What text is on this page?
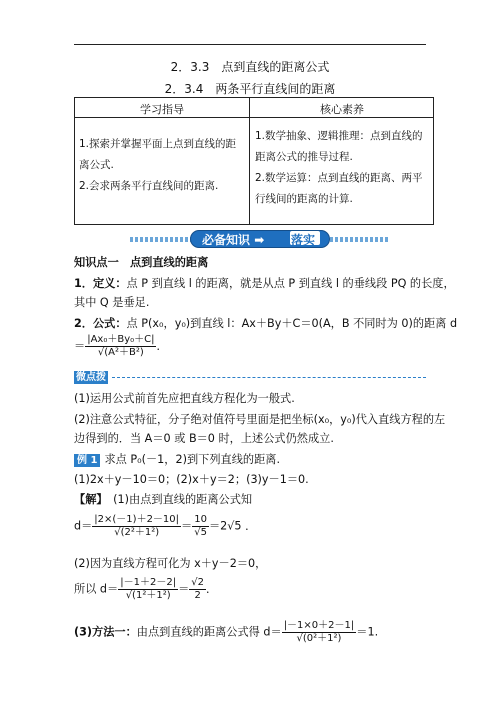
2．3.3　点到直线的距离公式
2．3.4　两条平行直线间的距离
学习指导	核心素养
1.探索并掌握平面上点到直线的距离公式.
2.会求两条平行直线间的距离.
1.数学抽象、逻辑推理：点到直线的距离公式的推导过程.
2.数学运算：点到直线的距离、两平行线间的距离的计算.
必备知识 ➡ 落实
知识点一　点到直线的距离
1．定义：点 P 到直线 l 的距离，就是从点 P 到直线 l 的垂线段 PQ 的长度，
其中 Q 是垂足.
2．公式：点 P(x₀，y₀)到直线 l：Ax＋By＋C＝0(A，B 不同时为 0)的距离 d
＝ $\frac{\text{|Ax₀＋By₀＋C|}}{\text{√(A²＋B²)}}$ ．
微点拨
(1)运用公式前首先应把直线方程化为一般式.
(2)注意公式特征，分子绝对值符号里面是把坐标(x₀，y₀)代入直线方程的左
边得到的．当 A＝0 或 B＝0 时，上述公式仍然成立.
例 1 求点 P₀(－1，2)到下列直线的距离.
(1)2x＋y－10＝0；(2)x＋y＝2；(3)y－1＝0.
【解】　 (1)由点到直线的距离公式知
$d= \frac{|2\times(-1)+2-10|}{\text{√(2²＋1²)}} = \frac{10}{√5} =2√5$ ．
(2)因为直线方程可化为 x＋y－2＝0，
所以 $d= \frac{|-1+2-2|}{\text{√(1²＋1²)}} = \frac{√2}{2}$ ．
(3)方法一：由点到直线的距离公式得 $d= \frac{|-1\times 0+2-1|}{\text{√(0²＋1²)}} =1$.
